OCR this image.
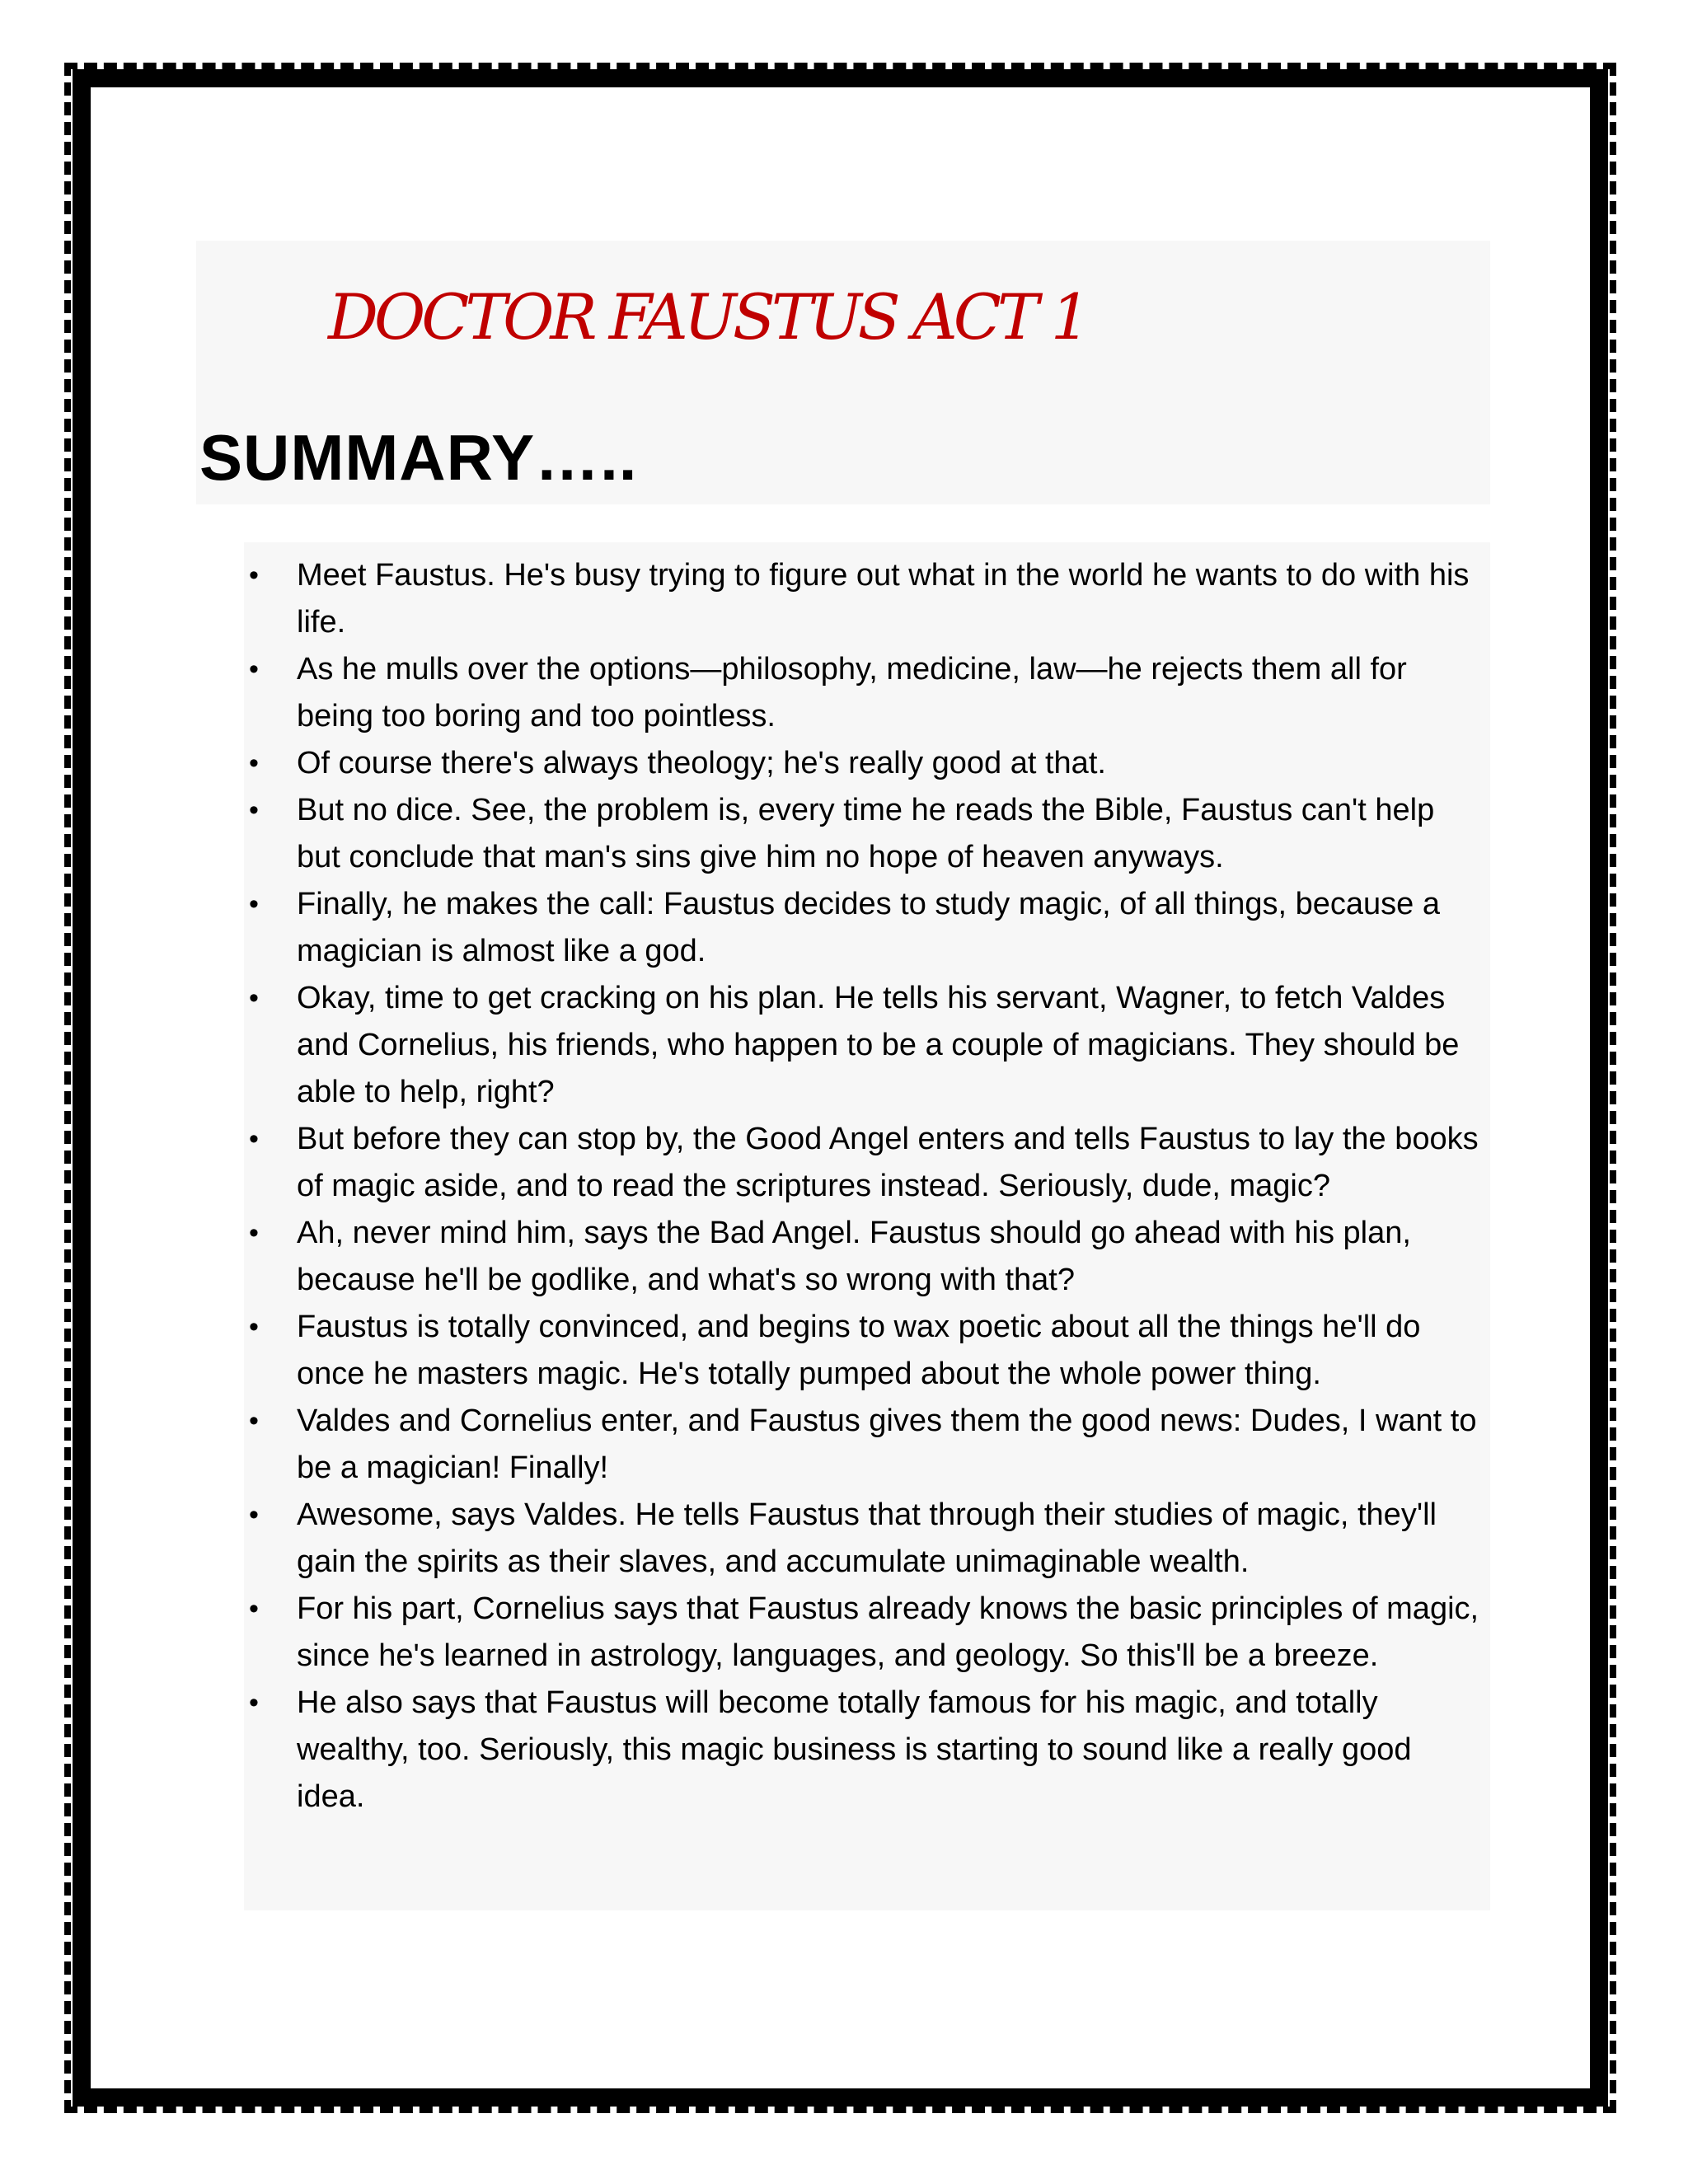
DOCTOR FAUSTUS ACT 1
SUMMARY…..
• Meet Faustus. He's busy trying to figure out what in the world he wants to do with his life.
• As he mulls over the options—philosophy, medicine, law—he rejects them all for being too boring and too pointless.
• Of course there's always theology; he's really good at that.
• But no dice. See, the problem is, every time he reads the Bible, Faustus can't help but conclude that man's sins give him no hope of heaven anyways.
• Finally, he makes the call: Faustus decides to study magic, of all things, because a magician is almost like a god.
• Okay, time to get cracking on his plan. He tells his servant, Wagner, to fetch Valdes and Cornelius, his friends, who happen to be a couple of magicians. They should be able to help, right?
• But before they can stop by, the Good Angel enters and tells Faustus to lay the books of magic aside, and to read the scriptures instead. Seriously, dude, magic?
• Ah, never mind him, says the Bad Angel. Faustus should go ahead with his plan, because he'll be godlike, and what's so wrong with that?
• Faustus is totally convinced, and begins to wax poetic about all the things he'll do once he masters magic. He's totally pumped about the whole power thing.
• Valdes and Cornelius enter, and Faustus gives them the good news: Dudes, I want to be a magician! Finally!
• Awesome, says Valdes. He tells Faustus that through their studies of magic, they'll gain the spirits as their slaves, and accumulate unimaginable wealth.
• For his part, Cornelius says that Faustus already knows the basic principles of magic, since he's learned in astrology, languages, and geology. So this'll be a breeze.
• He also says that Faustus will become totally famous for his magic, and totally wealthy, too. Seriously, this magic business is starting to sound like a really good idea.
